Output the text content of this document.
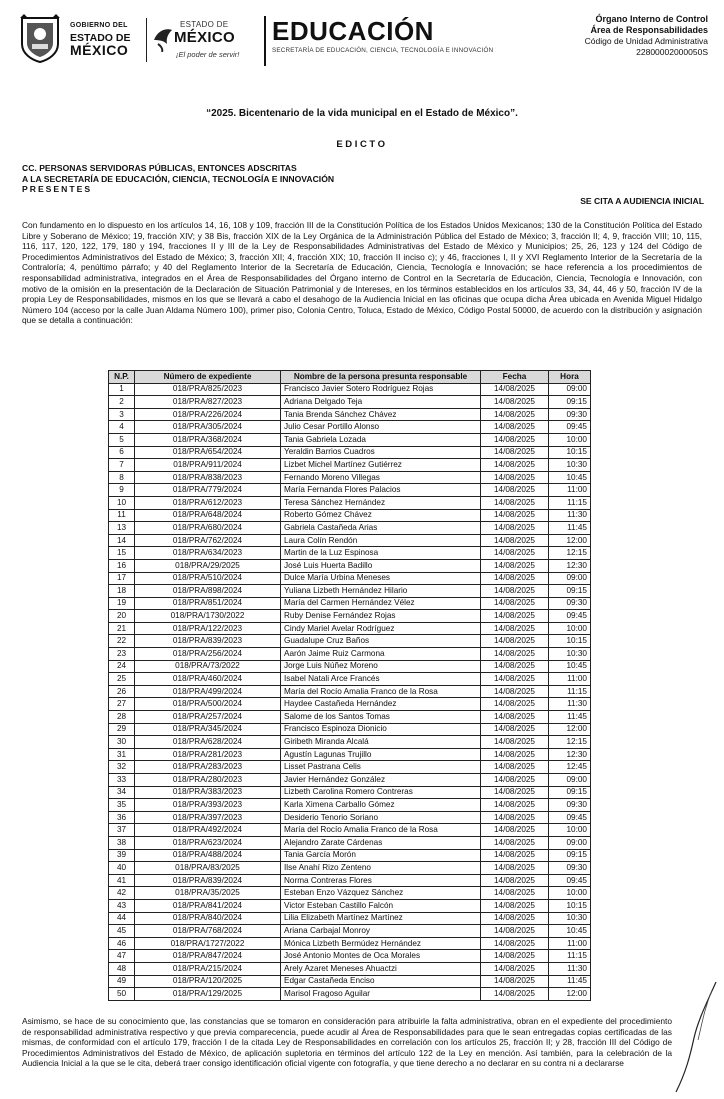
GOBIERNO DEL
ESTADO DE
MÉXICO
ESTADO DE
MÉXICO
¡El poder de servir!
EDUCACIÓN
SECRETARÍA DE EDUCACIÓN, CIENCIA, TECNOLOGÍA E INNOVACIÓN
Órgano Interno de Control
Área de Responsabilidades
Código de Unidad Administrativa
22800002000050S
“2025. Bicentenario de la vida municipal en el Estado de México”.
EDICTO
CC. PERSONAS SERVIDORAS PÚBLICAS, ENTONCES ADSCRITAS
A LA SECRETARÍA DE EDUCACIÓN, CIENCIA, TECNOLOGÍA E INNOVACIÓN
PRESENTES
SE CITA A AUDIENCIA INICIAL
Con fundamento en lo dispuesto en los artículos 14, 16, 108 y 109, fracción III de la Constitución Política de los Estados Unidos Mexicanos; 130 de la Constitución Política del Estado Libre y Soberano de México; 19, fracción XIV; y 38 Bis, fracción XIX de la Ley Orgánica de la Administración Pública del Estado de México; 3, fracción II; 4, 9, fracción VIII; 10, 115, 116, 117, 120, 122, 179, 180 y 194, fracciones II y III de la Ley de Responsabilidades Administrativas del Estado de México y Municipios; 25, 26, 123 y 124 del Código de Procedimientos Administrativos del Estado de México; 3, fracción XII; 4, fracción XIX; 10, fracción II inciso c); y 46, fracciones I, II y XVI Reglamento Interior de la Secretaría de la Contraloría; 4, penúltimo párrafo; y 40 del Reglamento Interior de la Secretaría de Educación, Ciencia, Tecnología e Innovación; se hace referencia a los procedimientos de responsabilidad administrativa, integrados en el Área de Responsabilidades del Órgano interno de Control en la Secretaría de Educación, Ciencia, Tecnología e Innovación, con motivo de la omisión en la presentación de la Declaración de Situación Patrimonial y de Intereses, en los términos establecidos en los artículos 33, 34, 44, 46 y 50, fracción IV de la propia Ley de Responsabilidades, mismos en los que se llevará a cabo el desahogo de la Audiencia Inicial en las oficinas que ocupa dicha Área ubicada en Avenida Miguel Hidalgo Número 104 (acceso por la calle Juan Aldama Número 100), primer piso, Colonia Centro, Toluca, Estado de México, Código Postal 50000, de acuerdo con la distribución y asignación que se detalla a continuación:
N.P.	Número de expediente	Nombre de la persona presunta responsable	Fecha	Hora
1	018/PRA/825/2023	Francisco Javier Sotero Rodríguez Rojas	14/08/2025	09:00
2	018/PRA/827/2023	Adriana Delgado Teja	14/08/2025	09:15
3	018/PRA/226/2024	Tania Brenda Sánchez Chávez	14/08/2025	09:30
4	018/PRA/305/2024	Julio Cesar Portillo Alonso	14/08/2025	09:45
5	018/PRA/368/2024	Tania Gabriela Lozada	14/08/2025	10:00
6	018/PRA/654/2024	Yeraldin Barrios Cuadros	14/08/2025	10:15
7	018/PRA/911/2024	Lizbet Michel Martínez Gutiérrez	14/08/2025	10:30
8	018/PRA/838/2023	Fernando Moreno Villegas	14/08/2025	10:45
9	018/PRA/779/2024	María Fernanda Flores Palacios	14/08/2025	11:00
10	018/PRA/612/2023	Teresa Sánchez Hernández	14/08/2025	11:15
11	018/PRA/648/2024	Roberto Gómez Chávez	14/08/2025	11:30
13	018/PRA/680/2024	Gabriela Castañeda Arias	14/08/2025	11:45
14	018/PRA/762/2024	Laura Colín Rendón	14/08/2025	12:00
15	018/PRA/634/2023	Martin de la Luz Espinosa	14/08/2025	12:15
16	018/PRA/29/2025	José Luis Huerta Badillo	14/08/2025	12:30
17	018/PRA/510/2024	Dulce María Urbina Meneses	14/08/2025	09:00
18	018/PRA/898/2024	Yuliana Lizbeth Hernández Hilario	14/08/2025	09:15
19	018/PRA/851/2024	María del Carmen Hernández Vélez	14/08/2025	09:30
20	018/PRA/1730/2022	Ruby Denise Fernández Rojas	14/08/2025	09:45
21	018/PRA/122/2023	Cindy Mariel Avelar Rodríguez	14/08/2025	10:00
22	018/PRA/839/2023	Guadalupe Cruz Baños	14/08/2025	10:15
23	018/PRA/256/2024	Aarón Jaime Ruiz Carmona	14/08/2025	10:30
24	018/PRA/73/2022	Jorge Luis Núñez Moreno	14/08/2025	10:45
25	018/PRA/460/2024	Isabel Natali Arce Francés	14/08/2025	11:00
26	018/PRA/499/2024	María del Rocío Amalia Franco de la Rosa	14/08/2025	11:15
27	018/PRA/500/2024	Haydee Castañeda Hernández	14/08/2025	11:30
28	018/PRA/257/2024	Salome de los Santos Tomas	14/08/2025	11:45
29	018/PRA/345/2024	Francisco Espinoza Dionicio	14/08/2025	12:00
30	018/PRA/628/2024	Giribeth Miranda Alcalá	14/08/2025	12:15
31	018/PRA/281/2023	Agustín Lagunas Trujillo	14/08/2025	12:30
32	018/PRA/283/2023	Lisset Pastrana Celis	14/08/2025	12:45
33	018/PRA/280/2023	Javier Hernández González	14/08/2025	09:00
34	018/PRA/383/2023	Lizbeth Carolina Romero Contreras	14/08/2025	09:15
35	018/PRA/393/2023	Karla Ximena Carballo Gómez	14/08/2025	09:30
36	018/PRA/397/2023	Desiderio Tenorio Soriano	14/08/2025	09:45
37	018/PRA/492/2024	María del Rocío Amalia Franco de la Rosa	14/08/2025	10:00
38	018/PRA/623/2024	Alejandro Zarate Cárdenas	14/08/2025	09:00
39	018/PRA/488/2024	Tania García Morón	14/08/2025	09:15
40	018/PRA/83/2025	Ilse Anahí Rizo Zenteno	14/08/2025	09:30
41	018/PRA/839/2024	Norma Contreras Flores	14/08/2025	09:45
42	018/PRA/35/2025	Esteban Enzo Vázquez Sánchez	14/08/2025	10:00
43	018/PRA/841/2024	Victor Esteban Castillo Falcón	14/08/2025	10:15
44	018/PRA/840/2024	Lilia Elizabeth Martínez Martínez	14/08/2025	10:30
45	018/PRA/768/2024	Ariana Carbajal Monroy	14/08/2025	10:45
46	018/PRA/1727/2022	Mónica Lizbeth Bermúdez Hernández	14/08/2025	11:00
47	018/PRA/847/2024	José Antonio Montes de Oca Morales	14/08/2025	11:15
48	018/PRA/215/2024	Arely Azaret Meneses Ahuactzi	14/08/2025	11:30
49	018/PRA/120/2025	Edgar Castañeda Enciso	14/08/2025	11:45
50	018/PRA/129/2025	Marisol Fragoso Aguilar	14/08/2025	12:00
Asimismo, se hace de su conocimiento que, las constancias que se tomaron en consideración para atribuirle la falta administrativa, obran en el expediente del procedimiento de responsabilidad administrativa respectivo y que previa comparecencia, puede acudir al Área de Responsabilidades para que le sean entregadas copias certificadas de las mismas, de conformidad con el artículo 179, fracción I de la citada Ley de Responsabilidades en correlación con los artículos 25, fracción II; y 28, fracción III del Código de Procedimientos Administrativos del Estado de México, de aplicación supletoria en términos del artículo 122 de la Ley en mención. Así también, para la celebración de la Audiencia Inicial a la que se le cita, deberá traer consigo identificación oficial vigente con fotografía, y que tiene derecho a no declarar en su contra ni a declararse
